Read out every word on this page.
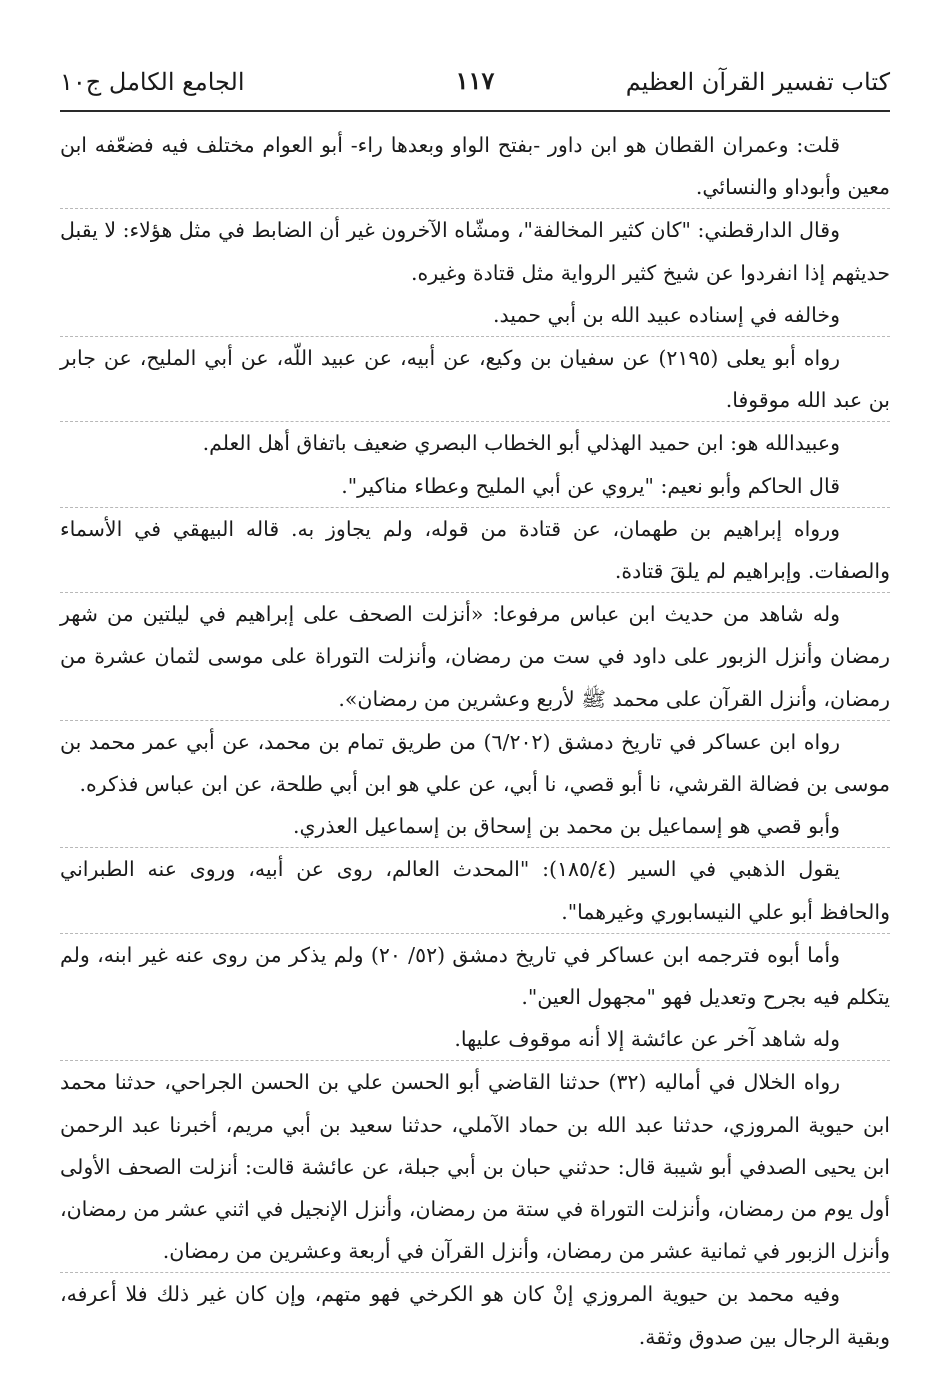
كتاب تفسير القرآن العظيم
١١٧
الجامع الكامل ج١٠

قلت: وعمران القطان هو ابن داور -بفتح الواو وبعدها راء- أبو العوام مختلف فيه فضعّفه ابن معين وأبوداو والنسائي.

وقال الدارقطني: "كان كثير المخالفة"، ومشّاه الآخرون غير أن الضابط في مثل هؤلاء: لا يقبل حديثهم إذا انفردوا عن شيخ كثير الرواية مثل قتادة وغيره.

وخالفه في إسناده عبيد الله بن أبي حميد.

رواه أبو يعلى (٢١٩٥) عن سفيان بن وكيع، عن أبيه، عن عبيد اللّه، عن أبي المليح، عن جابر بن عبد الله موقوفا.

وعبيدالله هو: ابن حميد الهذلي أبو الخطاب البصري ضعيف باتفاق أهل العلم.

قال الحاكم وأبو نعيم: "يروي عن أبي المليح وعطاء مناكير".

ورواه إبراهيم بن طهمان، عن قتادة من قوله، ولم يجاوز به. قاله البيهقي في الأسماء والصفات. وإبراهيم لم يلقَ قتادة.

وله شاهد من حديث ابن عباس مرفوعا: «أنزلت الصحف على إبراهيم في ليلتين من شهر رمضان وأنزل الزبور على داود في ست من رمضان، وأنزلت التوراة على موسى لثمان عشرة من رمضان، وأنزل القرآن على محمد ﷺ لأربع وعشرين من رمضان».

رواه ابن عساكر في تاريخ دمشق (٦/٢٠٢) من طريق تمام بن محمد، عن أبي عمر محمد بن موسى بن فضالة القرشي، نا أبو قصي، نا أبي، عن علي هو ابن أبي طلحة، عن ابن عباس فذكره.

وأبو قصي هو إسماعيل بن محمد بن إسحاق بن إسماعيل العذري.

يقول الذهبي في السير (١٨٥/٤): "المحدث العالم، روى عن أبيه، وروى عنه الطبراني والحافظ أبو علي النيسابوري وغيرهما".

وأما أبوه فترجمه ابن عساكر في تاريخ دمشق (٥٢/ ٢٠) ولم يذكر من روى عنه غير ابنه، ولم يتكلم فيه بجرح وتعديل فهو "مجهول العين".

وله شاهد آخر عن عائشة إلا أنه موقوف عليها.

رواه الخلال في أماليه (٣٢) حدثنا القاضي أبو الحسن علي بن الحسن الجراحي، حدثنا محمد ابن حيوية المروزي، حدثنا عبد الله بن حماد الآملي، حدثنا سعيد بن أبي مريم، أخبرنا عبد الرحمن ابن يحيى الصدفي أبو شيبة قال: حدثني حبان بن أبي جبلة، عن عائشة قالت: أنزلت الصحف الأولى أول يوم من رمضان، وأنزلت التوراة في ستة من رمضان، وأنزل الإنجيل في اثني عشر من رمضان، وأنزل الزبور في ثمانية عشر من رمضان، وأنزل القرآن في أربعة وعشرين من رمضان.

وفيه محمد بن حيوية المروزي إنْ كان هو الكرخي فهو متهم، وإن كان غير ذلك فلا أعرفه، وبقية الرجال بين صدوق وثقة.
